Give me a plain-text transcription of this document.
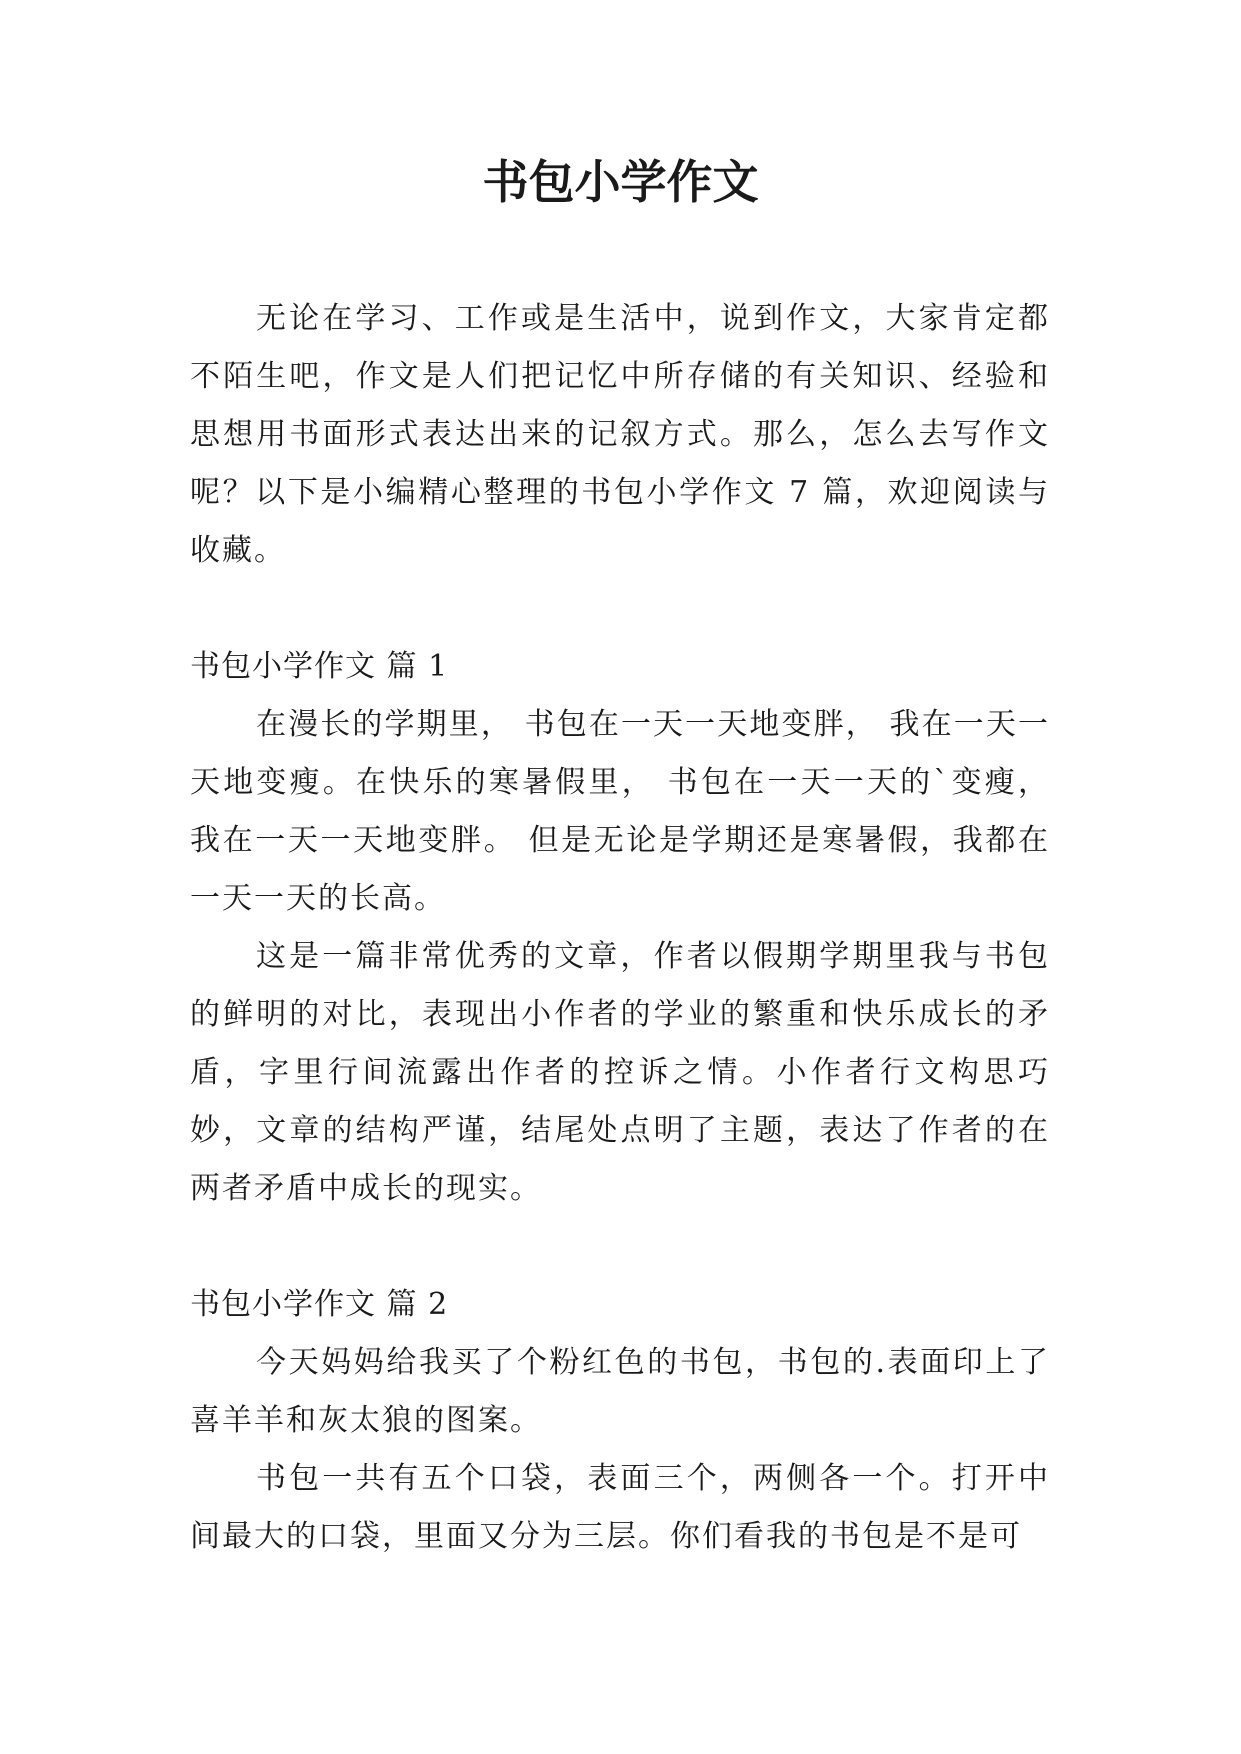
书包小学作文

无论在学习、工作或是生活中，说到作文，大家肯定都不陌生吧，作文是人们把记忆中所存储的有关知识、经验和思想用书面形式表达出来的记叙方式。那么，怎么去写作文呢？以下是小编精心整理的书包小学作文 7 篇，欢迎阅读与收藏。

书包小学作文 篇 1

在漫长的学期里， 书包在一天一天地变胖， 我在一天一天地变瘦。在快乐的寒暑假里， 书包在一天一天的`变瘦， 我在一天一天地变胖。 但是无论是学期还是寒暑假，我都在一天一天的长高。

这是一篇非常优秀的文章，作者以假期学期里我与书包的鲜明的对比，表现出小作者的学业的繁重和快乐成长的矛盾，字里行间流露出作者的控诉之情。小作者行文构思巧妙，文章的结构严谨，结尾处点明了主题，表达了作者的在两者矛盾中成长的现实。

书包小学作文 篇 2

今天妈妈给我买了个粉红色的书包，书包的.表面印上了喜羊羊和灰太狼的图案。

书包一共有五个口袋，表面三个，两侧各一个。打开中间最大的口袋，里面又分为三层。你们看我的书包是不是可
